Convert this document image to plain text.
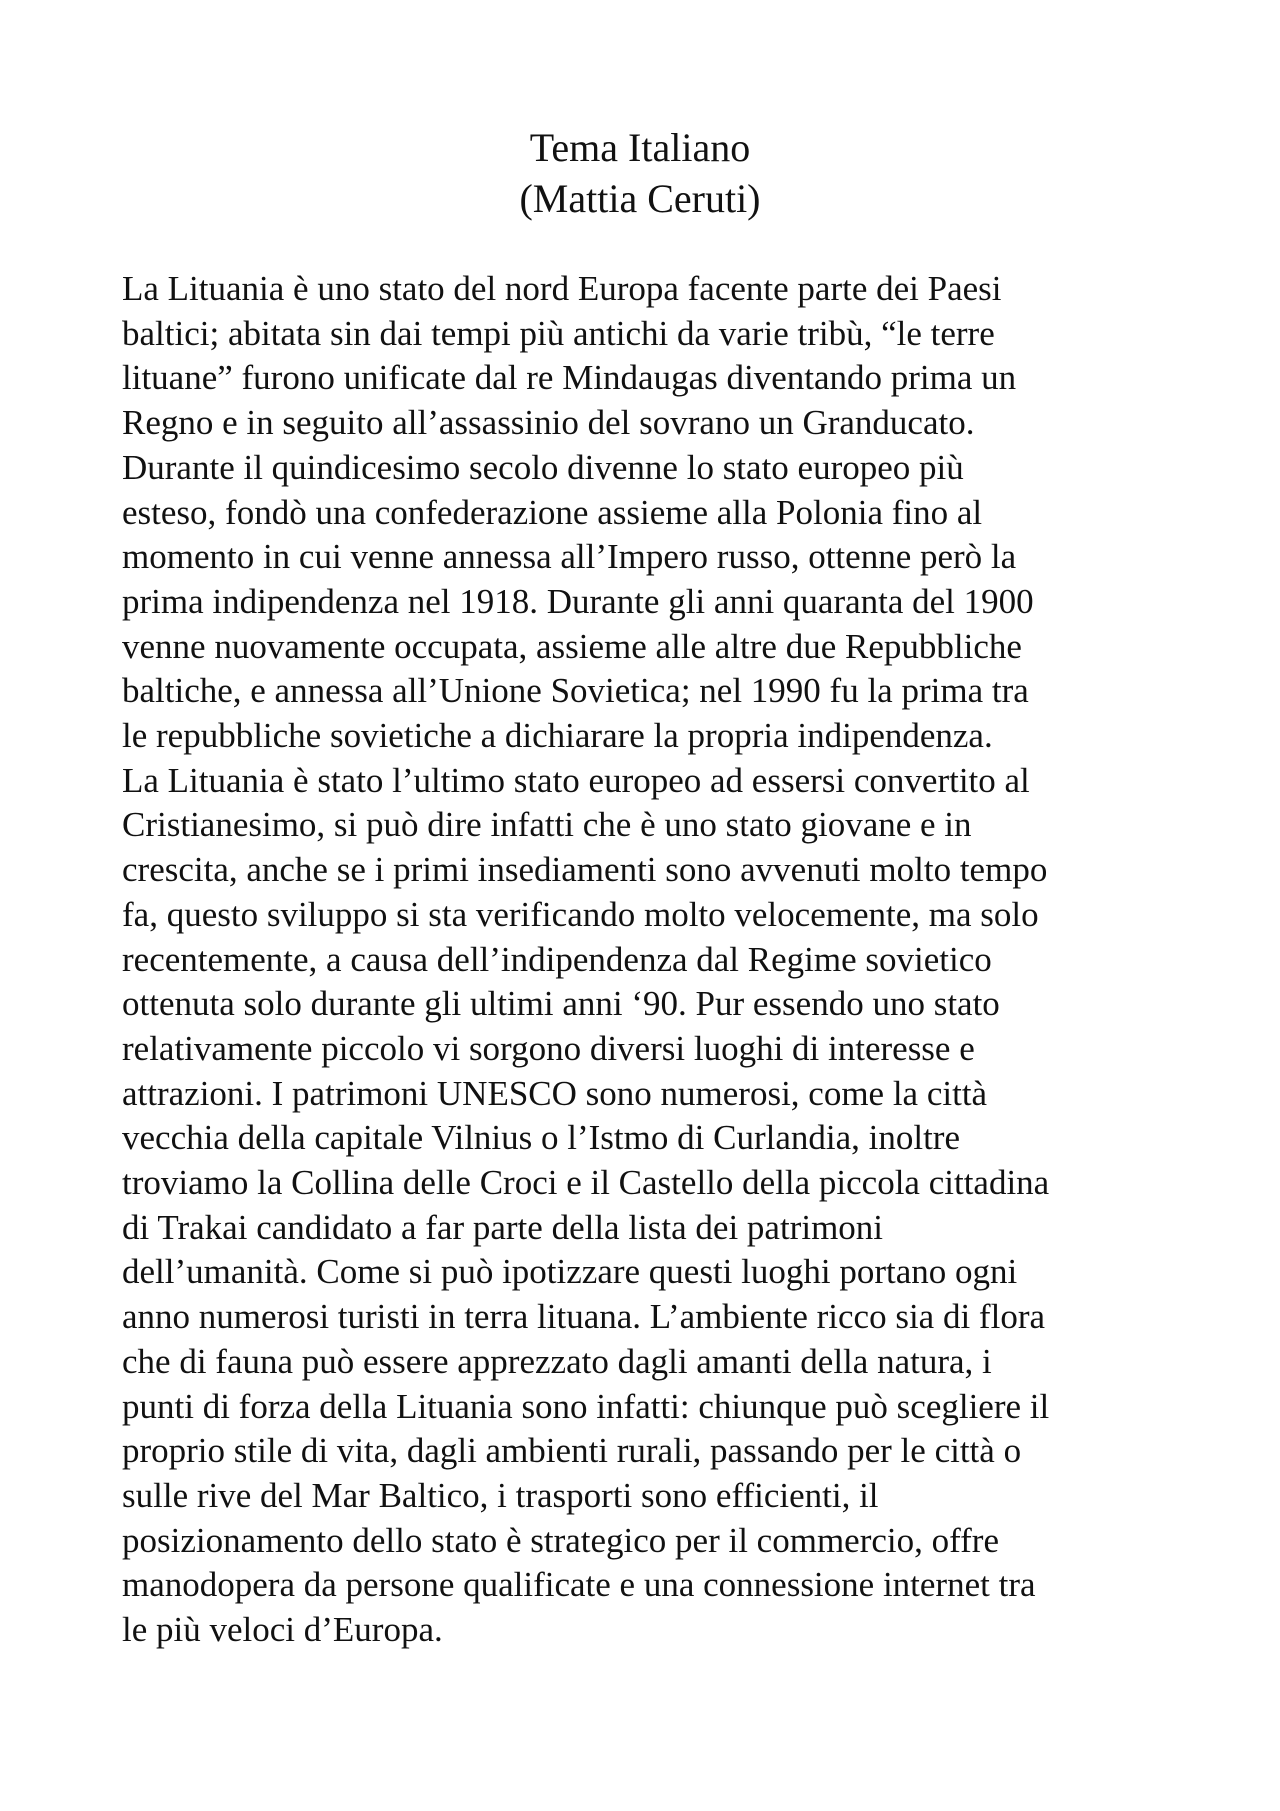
Tema Italiano
(Mattia Ceruti)
La Lituania è uno stato del nord Europa facente parte dei Paesi
baltici; abitata sin dai tempi più antichi da varie tribù, “le terre
lituane” furono unificate dal re Mindaugas diventando prima un
Regno e in seguito all’assassinio del sovrano un Granducato.
Durante il quindicesimo secolo divenne lo stato europeo più
esteso, fondò una confederazione assieme alla Polonia fino al
momento in cui venne annessa all’Impero russo, ottenne però la
prima indipendenza nel 1918. Durante gli anni quaranta del 1900
venne nuovamente occupata, assieme alle altre due Repubbliche
baltiche, e annessa all’Unione Sovietica; nel 1990 fu la prima tra
le repubbliche sovietiche a dichiarare la propria indipendenza.
La Lituania è stato l’ultimo stato europeo ad essersi convertito al
Cristianesimo, si può dire infatti che è uno stato giovane e in
crescita, anche se i primi insediamenti sono avvenuti molto tempo
fa, questo sviluppo si sta verificando molto velocemente, ma solo
recentemente, a causa dell’indipendenza dal Regime sovietico
ottenuta solo durante gli ultimi anni ‘90. Pur essendo uno stato
relativamente piccolo vi sorgono diversi luoghi di interesse e
attrazioni. I patrimoni UNESCO sono numerosi, come la città
vecchia della capitale Vilnius o l’Istmo di Curlandia, inoltre
troviamo la Collina delle Croci e il Castello della piccola cittadina
di Trakai candidato a far parte della lista dei patrimoni
dell’umanità. Come si può ipotizzare questi luoghi portano ogni
anno numerosi turisti in terra lituana. L’ambiente ricco sia di flora
che di fauna può essere apprezzato dagli amanti della natura, i
punti di forza della Lituania sono infatti: chiunque può scegliere il
proprio stile di vita, dagli ambienti rurali, passando per le città o
sulle rive del Mar Baltico, i trasporti sono efficienti, il
posizionamento dello stato è strategico per il commercio, offre
manodopera da persone qualificate e una connessione internet tra
le più veloci d’Europa.
